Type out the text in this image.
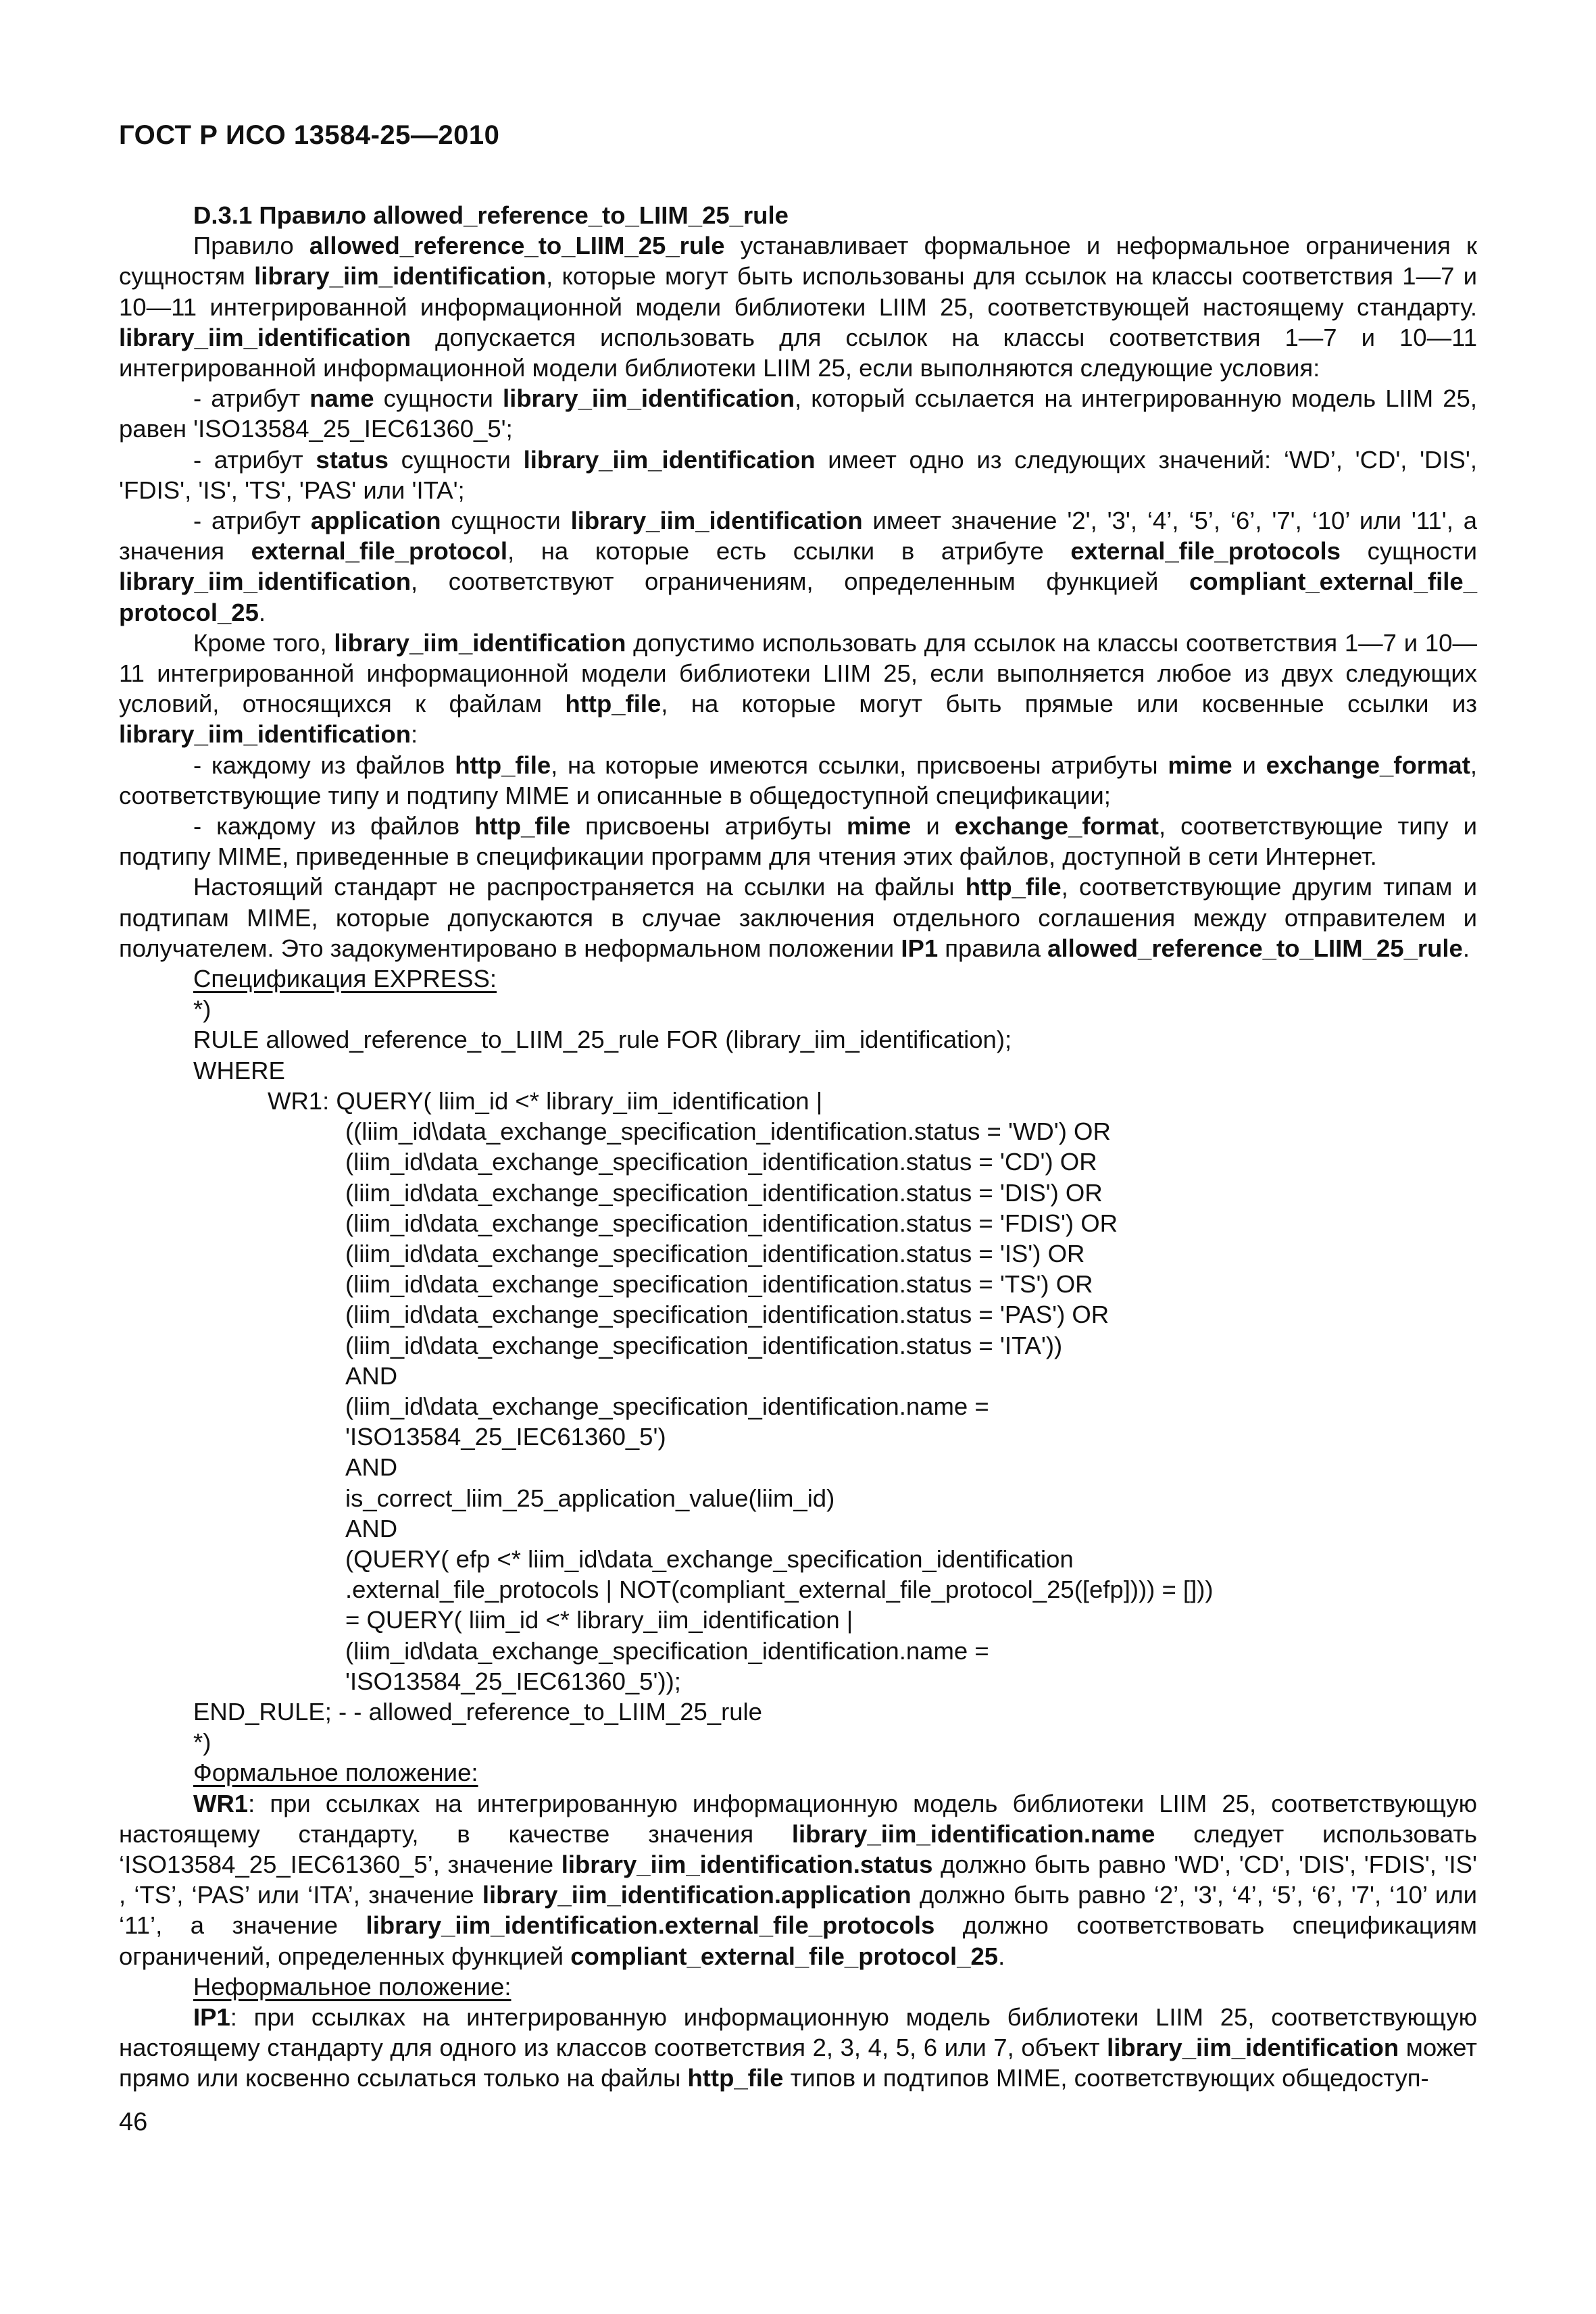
ГОСТ Р ИСО 13584-25—2010

D.3.1 Правило allowed_reference_to_LIIM_25_rule

Правило allowed_reference_to_LIIM_25_rule устанавливает формальное и неформальное ограничения к сущностям library_iim_identification, которые могут быть использованы для ссылок на классы соответствия 1—7 и 10—11 интегрированной информационной модели библиотеки LIIM 25, соответствующей настоящему стандарту. library_iim_identification допускается использовать для ссылок на классы соответствия 1—7 и 10—11 интегрированной информационной модели библиотеки LIIM 25, если выполняются следующие условия:

- атрибут name сущности library_iim_identification, который ссылается на интегрированную модель LIIM 25, равен 'ISO13584_25_IEC61360_5';

- атрибут status сущности library_iim_identification имеет одно из следующих значений: ‘WD’, 'CD', 'DIS', 'FDIS', 'IS', 'TS', 'PAS' или 'ITA';

- атрибут application сущности library_iim_identification имеет значение '2', '3', ‘4’, ‘5’, ‘6’, '7', ‘10’ или '11', а значения external_file_protocol, на которые есть ссылки в атрибуте external_file_protocols сущности library_iim_identification, соответствуют ограничениям, определенным функцией compliant_external_file_ protocol_25.

Кроме того, library_iim_identification допустимо использовать для ссылок на классы соответствия 1—7 и 10—11 интегрированной информационной модели библиотеки LIIM 25, если выполняется любое из двух следующих условий, относящихся к файлам http_file, на которые могут быть прямые или косвенные ссылки из library_iim_identification:

- каждому из файлов http_file, на которые имеются ссылки, присвоены атрибуты mime и exchange_format, соответствующие типу и подтипу MIME и описанные в общедоступной спецификации;

- каждому из файлов http_file присвоены атрибуты mime и exchange_format, соответствующие типу и подтипу MIME, приведенные в спецификации программ для чтения этих файлов, доступной в сети Интернет.

Настоящий стандарт не распространяется на ссылки на файлы http_file, соответствующие другим типам и подтипам MIME, которые допускаются в случае заключения отдельного соглашения между отправителем и получателем. Это задокументировано в неформальном положении IP1 правила allowed_reference_to_LIIM_25_rule.

Спецификация EXPRESS:

*)

RULE allowed_reference_to_LIIM_25_rule FOR (library_iim_identification);

WHERE

WR1: QUERY( liim_id <* library_iim_identification |

((liim_id\data_exchange_specification_identification.status = 'WD') OR

(liim_id\data_exchange_specification_identification.status = 'CD') OR

(liim_id\data_exchange_specification_identification.status = 'DIS') OR

(liim_id\data_exchange_specification_identification.status = 'FDIS') OR

(liim_id\data_exchange_specification_identification.status = 'IS') OR

(liim_id\data_exchange_specification_identification.status = 'TS') OR

(liim_id\data_exchange_specification_identification.status = 'PAS') OR

(liim_id\data_exchange_specification_identification.status = 'ITA'))

AND

(liim_id\data_exchange_specification_identification.name =

'ISO13584_25_IEC61360_5')

AND

is_correct_liim_25_application_value(liim_id)

AND

(QUERY( efp <* liim_id\data_exchange_specification_identification

.external_file_protocols | NOT(compliant_external_file_protocol_25([efp]))) = []))

= QUERY( liim_id <* library_iim_identification |

(liim_id\data_exchange_specification_identification.name =

'ISO13584_25_IEC61360_5'));

END_RULE; - - allowed_reference_to_LIIM_25_rule

*)

Формальное положение:

WR1: при ссылках на интегрированную информационную модель библиотеки LIIM 25, соответствующую настоящему стандарту, в качестве значения library_iim_identification.name следует использовать ‘ISO13584_25_IEC61360_5’, значение library_iim_identification.status должно быть равно 'WD', 'CD', 'DIS', 'FDIS', 'IS' , ‘TS’, ‘PAS’ или ‘ITA’, значение library_iim_identification.application должно быть равно ‘2’, '3', ‘4’, ‘5’, ‘6’, '7', ‘10’ или ‘11’, а значение library_iim_identification.external_file_protocols должно соответствовать спецификациям ограничений, определенных функцией compliant_external_file_protocol_25.

Неформальное положение:

IP1: при ссылках на интегрированную информационную модель библиотеки LIIM 25, соответствующую настоящему стандарту для одного из классов соответствия 2, 3, 4, 5, 6 или 7, объект library_iim_identification может прямо или косвенно ссылаться только на файлы http_file типов и подтипов MIME, соответствующих общедоступ-

46
